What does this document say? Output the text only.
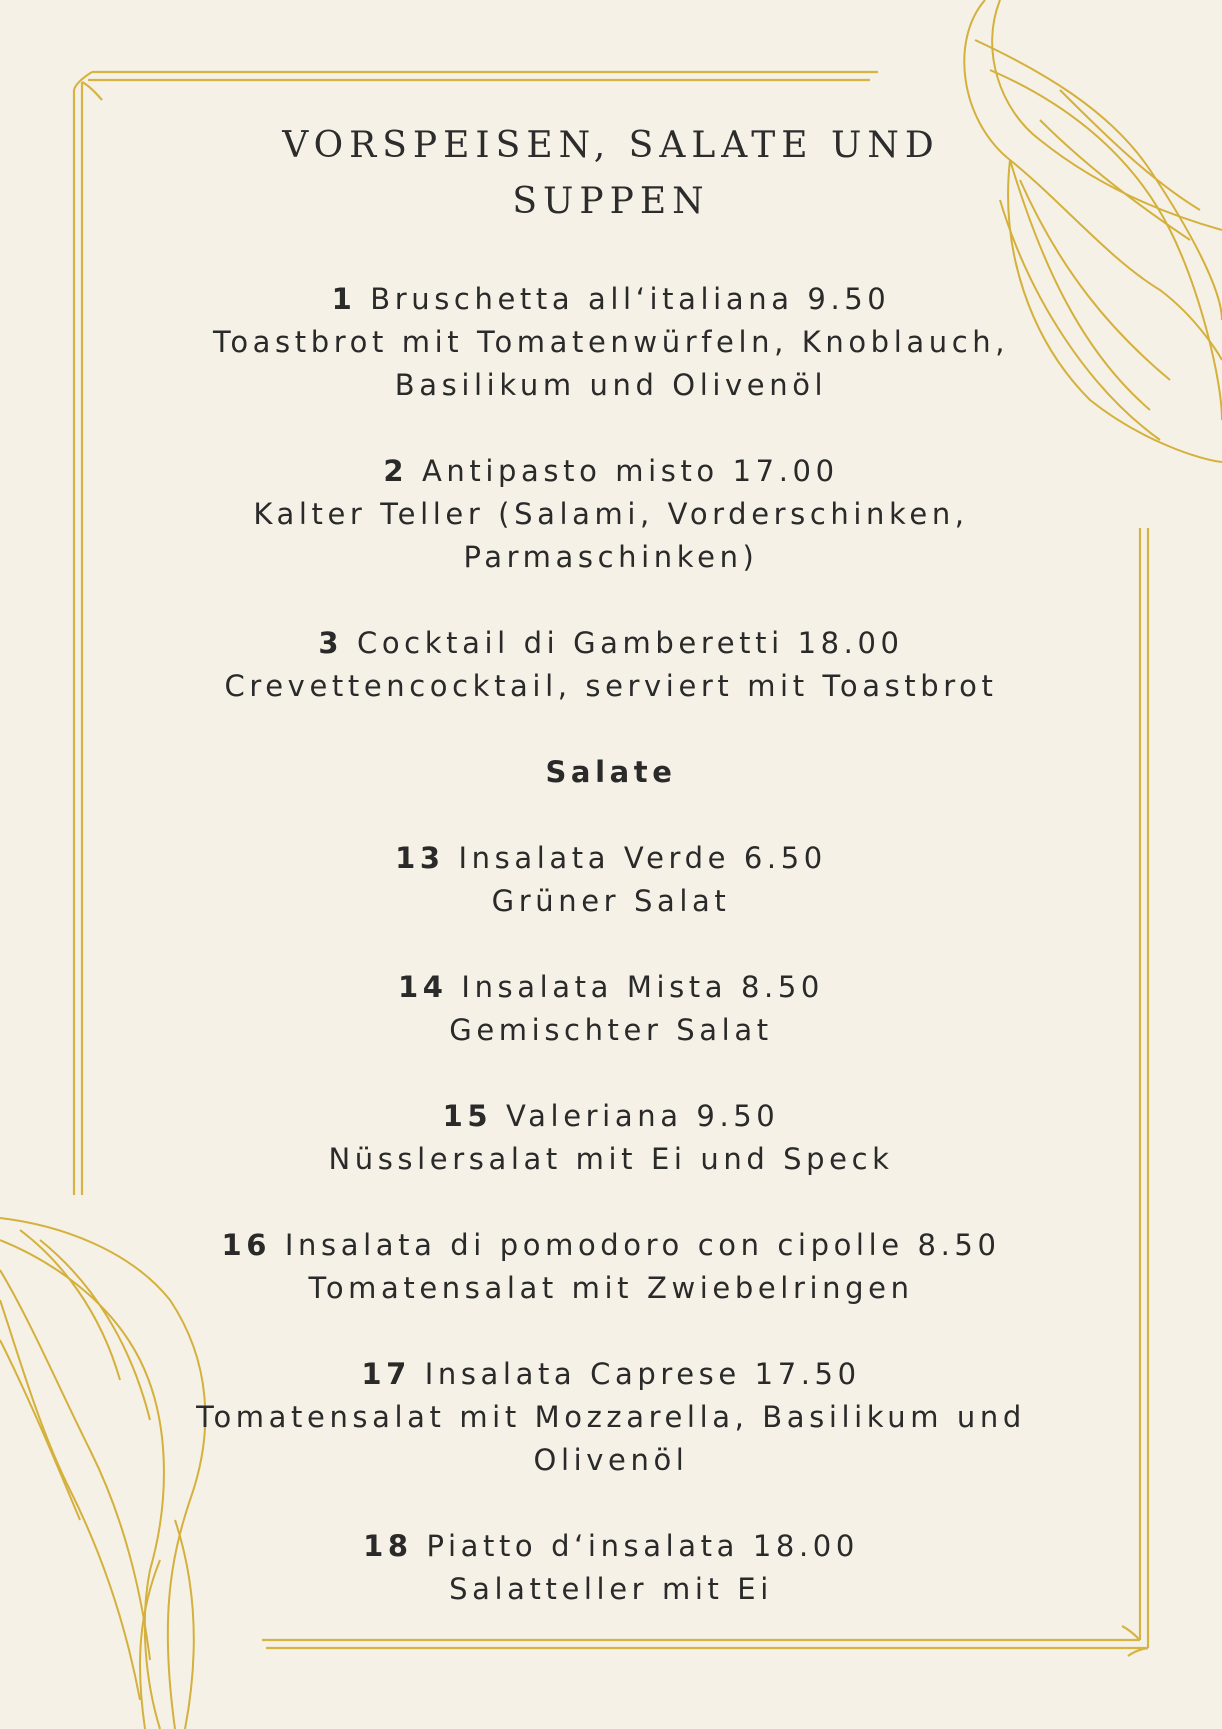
VORSPEISEN, SALATE UND
SUPPEN
1 Bruschetta all‘italiana 9.50
Toastbrot mit Tomatenwürfeln, Knoblauch,
Basilikum und Olivenöl
2 Antipasto misto 17.00
Kalter Teller (Salami, Vorderschinken,
Parmaschinken)
3 Cocktail di Gamberetti 18.00
Crevettencocktail, serviert mit Toastbrot
Salate
13 Insalata Verde 6.50
Grüner Salat
14 Insalata Mista 8.50
Gemischter Salat
15 Valeriana 9.50
Nüsslersalat mit Ei und Speck
16 Insalata di pomodoro con cipolle 8.50
Tomatensalat mit Zwiebelringen
17 Insalata Caprese 17.50
Tomatensalat mit Mozzarella, Basilikum und
Olivenöl
18 Piatto d‘insalata 18.00
Salatteller mit Ei
